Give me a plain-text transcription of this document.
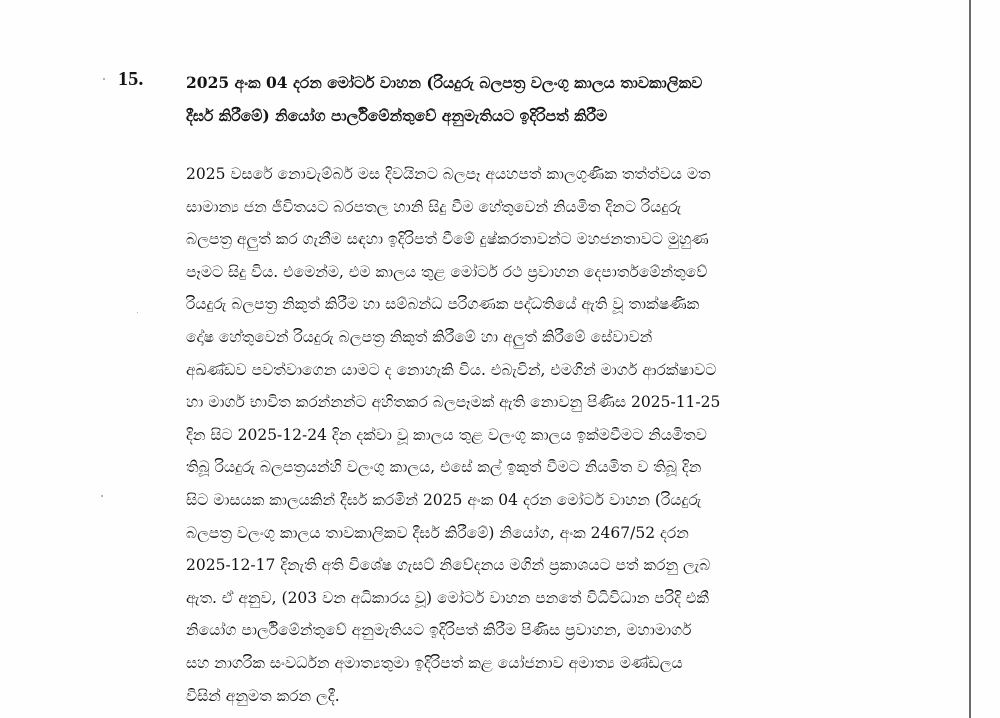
15.	2025 අංක 04 දරන මෝටර් වාහන (රියදුරු බලපත්‍ර වලංගු කාලය තාවකාලිකව
දීර්ඝ කිරීමේ) නියෝග පාර්ලිමේන්තුවේ අනුමැතියට ඉදිරිපත් කිරීම
2025 වසරේ නොවැම්බර් මස දිවයිනට බලපෑ අයහපත් කාලගුණික තත්ත්වය මත
සාමාන්‍ය ජන ජීවිතයට බරපතල හානි සිදු වීම හේතුවෙන් නියමිත දිනට රියදුරු
බලපත්‍ර අලුත් කර ගැනීම සඳහා ඉදිරිපත් වීමේ දුෂ්කරතාවන්ට මහජනතාවට මුහුණ
පෑමට සිදු විය. එමෙන්ම, එම කාලය තුළ මෝටර් රථ ප්‍රවාහන දෙපාර්තමේන්තුවේ
රියදුරු බලපත්‍ර නිකුත් කිරීම හා සම්බන්ධ පරිගණක පද්ධතියේ ඇති වූ තාක්ෂණික
දෝෂ හේතුවෙන් රියදුරු බලපත්‍ර නිකුත් කිරීමේ හා අලුත් කිරීමේ සේවාවන්
අඛණ්ඩව පවත්වාගෙන යාමට ද නොහැකි විය. එබැවින්, එමගින් මාර්ග ආරක්ෂාවට
හා මාර්ග භාවිත කරන්නන්ට අහිතකර බලපෑමක් ඇති නොවනු පිණිස 2025-11-25
දින සිට 2025-12-24 දින දක්වා වූ කාලය තුළ වලංගු කාලය ඉක්මවීමට නියමිතව
තිබූ රියදුරු බලපත්‍රයන්හි වලංගු කාලය, එසේ කල් ඉකුත් වීමට නියමිත ව තිබූ දින
සිට මාසයක කාලයකින් දීර්ඝ කරමින් 2025 අංක 04 දරන මෝටර් වාහන (රියදුරු
බලපත්‍ර වලංගු කාලය තාවකාලිකව දීර්ඝ කිරීමේ) නියෝග, අංක 2467/52 දරන
2025-12-17 දිනැති අති විශේෂ ගැසට් නිවේදනය මගින් ප්‍රකාශයට පත් කරනු ලැබ
ඇත. ඒ අනුව, (203 වන අධිකාරය වූ) මෝටර් වාහන පනතේ විධිවිධාන පරිදි එකී
නියෝග පාර්ලිමේන්තුවේ අනුමැතියට ඉදිරිපත් කිරීම පිණිස ප්‍රවාහන, මහාමාර්ග
සහ නාගරික සංවර්ධන අමාත්‍යතුමා ඉදිරිපත් කළ යෝජනාව අමාත්‍ය මණ්ඩලය
විසින් අනුමත කරන ලදී.
